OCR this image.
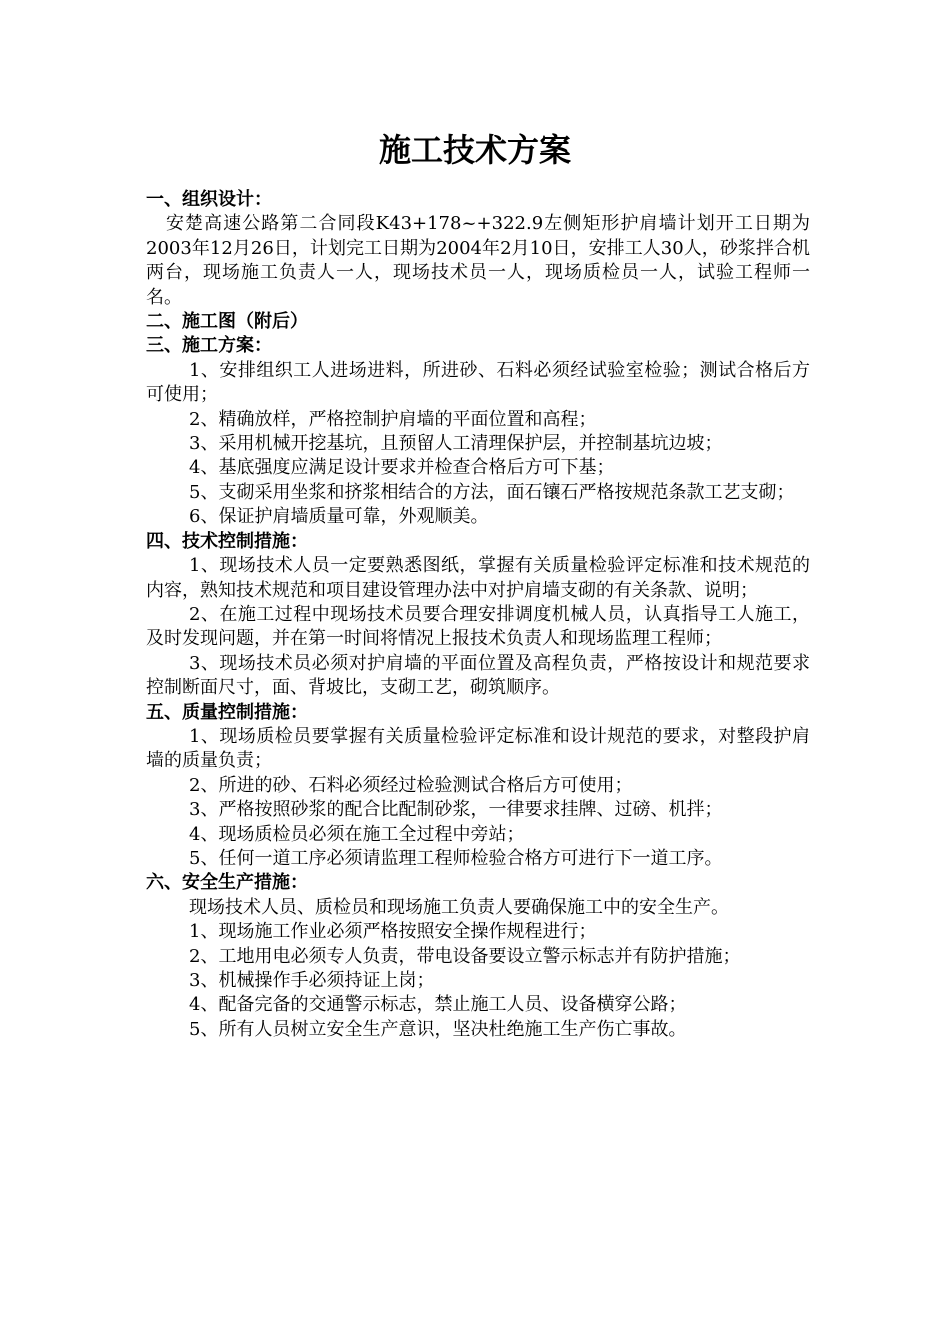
施工技术方案

一、组织设计：

安楚高速公路第二合同段K43+178~+322.9左侧矩形护肩墙计划开工日期为2003年12月26日，计划完工日期为2004年2月10日，安排工人30人，砂浆拌合机两台，现场施工负责人一人，现场技术员一人，现场质检员一人，试验工程师一名。

二、施工图（附后）

三、施工方案：

1、安排组织工人进场进料，所进砂、石料必须经试验室检验；测试合格后方可使用；

2、精确放样，严格控制护肩墙的平面位置和高程；

3、采用机械开挖基坑，且预留人工清理保护层，并控制基坑边坡；

4、基底强度应满足设计要求并检查合格后方可下基；

5、支砌采用坐浆和挤浆相结合的方法，面石镶石严格按规范条款工艺支砌；

6、保证护肩墙质量可靠，外观顺美。

四、技术控制措施：

1、现场技术人员一定要熟悉图纸，掌握有关质量检验评定标准和技术规范的内容，熟知技术规范和项目建设管理办法中对护肩墙支砌的有关条款、说明；

2、在施工过程中现场技术员要合理安排调度机械人员，认真指导工人施工，及时发现问题，并在第一时间将情况上报技术负责人和现场监理工程师；

3、现场技术员必须对护肩墙的平面位置及高程负责，严格按设计和规范要求控制断面尺寸，面、背坡比，支砌工艺，砌筑顺序。

五、质量控制措施：

1、现场质检员要掌握有关质量检验评定标准和设计规范的要求，对整段护肩墙的质量负责；

2、所进的砂、石料必须经过检验测试合格后方可使用；

3、严格按照砂浆的配合比配制砂浆，一律要求挂牌、过磅、机拌；

4、现场质检员必须在施工全过程中旁站；

5、任何一道工序必须请监理工程师检验合格方可进行下一道工序。

六、安全生产措施：

现场技术人员、质检员和现场施工负责人要确保施工中的安全生产。

1、现场施工作业必须严格按照安全操作规程进行；

2、工地用电必须专人负责，带电设备要设立警示标志并有防护措施；

3、机械操作手必须持证上岗；

4、配备完备的交通警示标志，禁止施工人员、设备横穿公路；

5、所有人员树立安全生产意识，坚决杜绝施工生产伤亡事故。
